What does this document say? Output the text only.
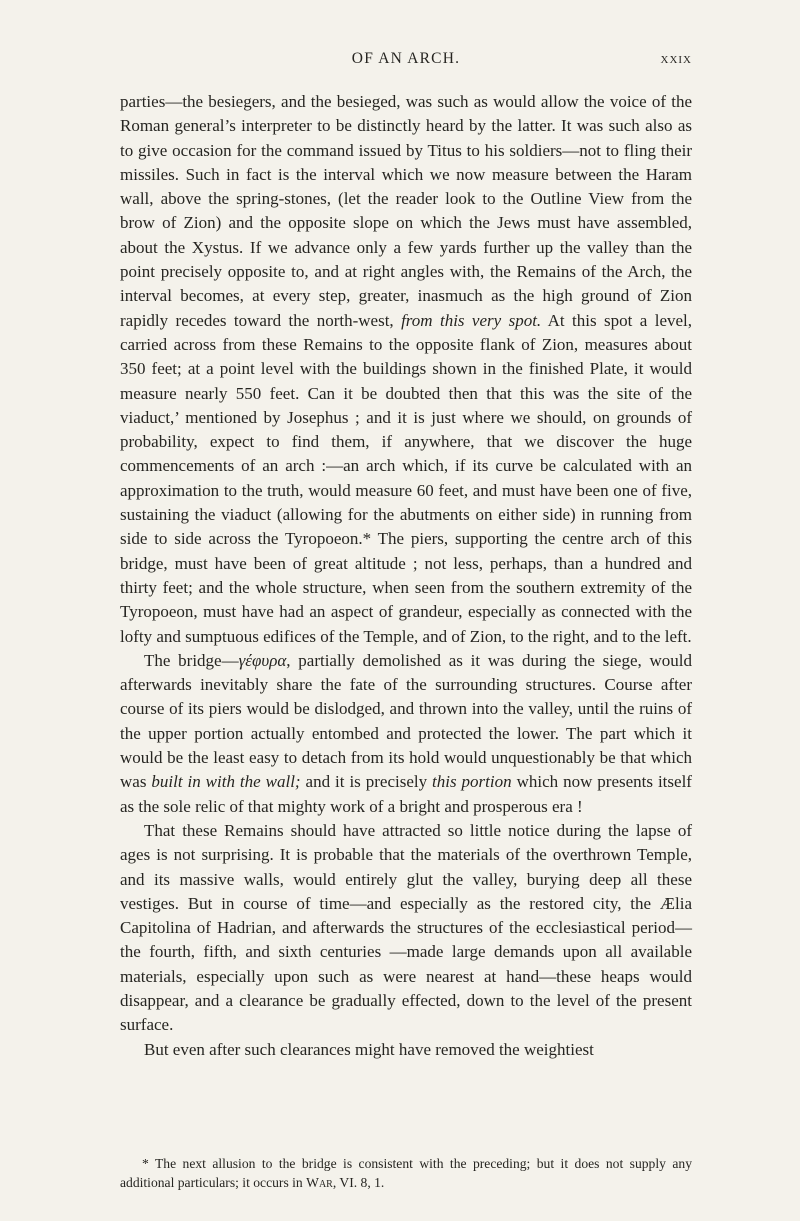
OF AN ARCH.	xxix

parties—the besiegers, and the besieged, was such as would allow the voice of the Roman general’s interpreter to be distinctly heard by the latter. It was such also as to give occasion for the command issued by Titus to his soldiers—not to fling their missiles. Such in fact is the interval which we now measure between the Haram wall, above the spring-stones, (let the reader look to the Outline View from the brow of Zion) and the opposite slope on which the Jews must have assembled, about the Xystus. If we advance only a few yards further up the valley than the point precisely opposite to, and at right angles with, the Remains of the Arch, the interval becomes, at every step, greater, inasmuch as the high ground of Zion rapidly recedes toward the north-west, from this very spot. At this spot a level, carried across from these Remains to the opposite flank of Zion, measures about 350 feet; at a point level with the buildings shown in the finished Plate, it would measure nearly 550 feet. Can it be doubted then that this was the site of the viaduct,’ mentioned by Josephus ; and it is just where we should, on grounds of probability, expect to find them, if anywhere, that we discover the huge commencements of an arch :—an arch which, if its curve be calculated with an approximation to the truth, would measure 60 feet, and must have been one of five, sustaining the viaduct (allowing for the abutments on either side) in running from side to side across the Tyropoeon.* The piers, supporting the centre arch of this bridge, must have been of great altitude ; not less, perhaps, than a hundred and thirty feet; and the whole structure, when seen from the southern extremity of the Tyropoeon, must have had an aspect of grandeur, especially as connected with the lofty and sumptuous edifices of the Temple, and of Zion, to the right, and to the left.

The bridge—γέφυρα, partially demolished as it was during the siege, would afterwards inevitably share the fate of the surrounding structures. Course after course of its piers would be dislodged, and thrown into the valley, until the ruins of the upper portion actually entombed and protected the lower. The part which it would be the least easy to detach from its hold would unquestionably be that which was built in with the wall; and it is precisely this portion which now presents itself as the sole relic of that mighty work of a bright and prosperous era !

That these Remains should have attracted so little notice during the lapse of ages is not surprising. It is probable that the materials of the overthrown Temple, and its massive walls, would entirely glut the valley, burying deep all these vestiges. But in course of time—and especially as the restored city, the Ælia Capitolina of Hadrian, and afterwards the structures of the ecclesiastical period—the fourth, fifth, and sixth centuries —made large demands upon all available materials, especially upon such as were nearest at hand—these heaps would disappear, and a clearance be gradually effected, down to the level of the present surface.

But even after such clearances might have removed the weightiest

* The next allusion to the bridge is consistent with the preceding; but it does not supply any additional particulars; it occurs in War, VI. 8, 1.
